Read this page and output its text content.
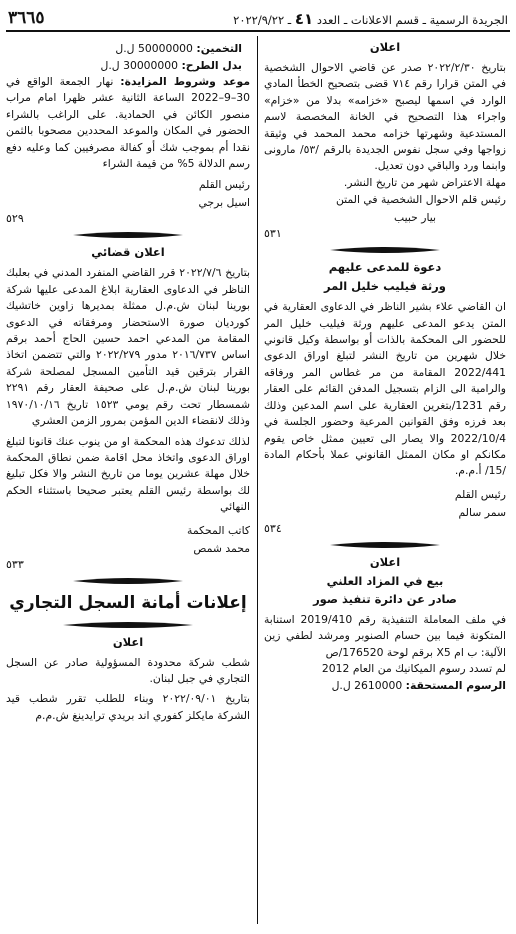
٣٦٦٥	الجريدة الرسمية ـ قسم الاعلانات ـ العدد ٤١ ـ ٢٠٢٢/٩/٢٢

اعلان

بتاريخ ٢٠٢٢/٢/٣٠ صدر عن قاضي الاحوال الشخصية في المتن قرارا رقم ٧١٤ قضى بتصحيح الخطأ المادي الوارد في اسمها ليصبح «خزامه» بدلا من «خزام» واجراء هذا التصحيح في الخانة المخصصة لاسم المستدعية وشهرتها خزامه محمد المحمد في وثيقة زواجها وفي سجل نفوس الجديدة بالرقم /٥٣/ مارونى وابنما ورد والباقي دون تعديل.

مهلة الاعتراض شهر من تاريخ النشر.

رئيس قلم الاحوال الشخصية في المتن

بيار حبيب

٥٣١

دعوة للمدعى عليهم

ورثة فيليب خليل المر

ان القاضي علاء بشير الناظر في الدعاوى العقارية في المتن يدعو المدعى عليهم ورثة فيليب خليل المر للحضور الى المحكمة بالذات أو بواسطة وكيل قانوني خلال شهرين من تاريخ النشر لتبلغ اوراق الدعوى 2022/441 المقامة من مر غطاس المر ورفاقه والرامية الى الزام بتسجيل المدفن القائم على العقار رقم 1231/بتغرين العقارية على اسم المدعين وذلك بعد فرزه وفق القوانين المرعية وحضور الجلسة في 2022/10/4 والا يصار الى تعيين ممثل خاص يقوم مكانكم او مكان الممثل القانوني عملا بأحكام المادة /15/ أ.م.م.

رئيس القلم

سمر سالم

٥٣٤

اعلان

بيع في المزاد العلني

صادر عن دائرة تنفيذ صور

في ملف المعاملة التنفيذية رقم 2019/410 استنابة المتكونة فيما بين حسام الصنوبر ومرشد لطفي زين الآلية: ب ام X5 برقم لوحة 176520/ص

لم تسدد رسوم الميكانيك من العام 2012

الرسوم المستحقة: 2610000 ل.ل

التخمين: 50000000 ل.ل

بدل الطرح: 30000000 ل.ل

موعد وشروط المزايدة: نهار الجمعة الواقع في 30–9–2022 الساعة الثانية عشر ظهرا امام مراب منصور الكائن في الحمادية. على الراغب بالشراء الحضور في المكان والموعد المحددين مصحوبا بالثمن نقدا أم بموجب شك أو كفالة مصرفيين كما وعليه دفع رسم الدلالة 5% من قيمة الشراء

رئيس القلم

اسيل برجي

٥٢٩

اعلان قضائي

بتاريخ ٢٠٢٢/٧/٦ قرر القاضي المنفرد المدني في بعلبك الناظر في الدعاوى العقارية ابلاغ المدعى عليها شركة بورينا لبنان ش.م.ل ممثلة بمديرها زاوين خاتشيك كورديان صورة الاستحضار ومرفقاته في الدعوى المقامة من المدعي احمد حسين الحاج أحمد برقم اساس ٢٠١٦/٧٣٧ مدور ٢٠٢٢/٢٧٩ والتي تتضمن اتخاذ القرار بترقين قيد التأمين المسجل لمصلحة شركة بورينا لبنان ش.م.ل على صحيفة العقار رقم ٢٢٩١ شمسطار تحت رقم يومي ١٥٢٣ تاريخ ١٩٧٠/١٠/١٦ وذلك لانقضاء الدين المؤمن بمرور الزمن العشري

لذلك تدعوك هذه المحكمة او من ينوب عنك قانونا لتبلغ اوراق الدعوى واتخاذ محل اقامة ضمن نطاق المحكمة خلال مهلة عشرين يوما من تاريخ النشر والا فكل تبليغ لك بواسطة رئيس القلم يعتبر صحيحا باستثناء الحكم النهائي

كاتب المحكمة

محمد شمص

٥٣٣

إعلانات أمانة السجل التجاري

اعلان

شطب شركة محدودة المسؤولية صادر عن السجل التجاري في جبل لبنان.

بتاريخ ٢٠٢٢/٠٩/٠١ وبناء للطلب تقرر شطب قيد الشركة مايكلز كفوري اند بريدي ترايدينغ ش.م.م
